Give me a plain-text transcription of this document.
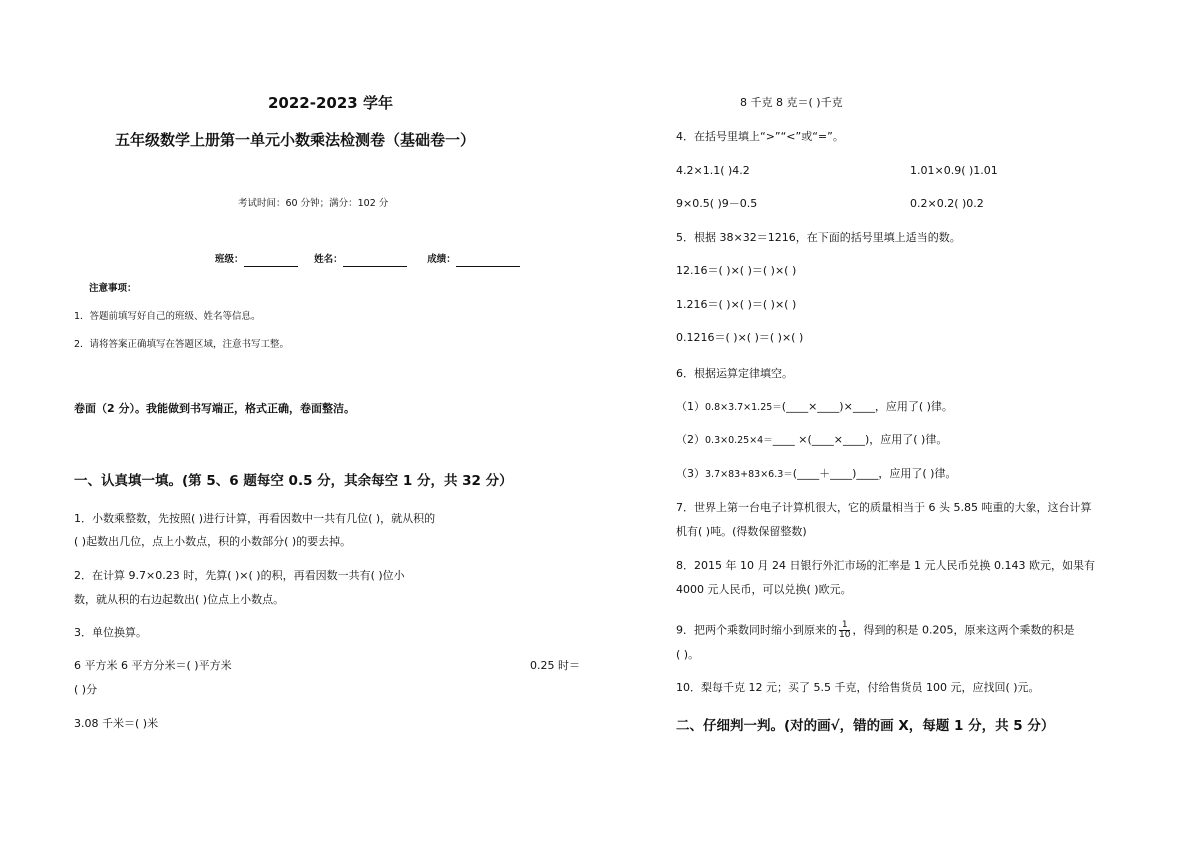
2022-2023 学年
五年级数学上册第一单元小数乘法检测卷（基础卷一）
考试时间：60 分钟；满分：102 分
班级：	姓名：	成绩：
注意事项：
1．答题前填写好自己的班级、姓名等信息。
2．请将答案正确填写在答题区域，注意书写工整。
卷面（2 分）。我能做到书写端正，格式正确，卷面整洁。
一、认真填一填。(第 5、6 题每空 0.5 分，其余每空 1 分，共 32 分）
1．小数乘整数，先按照( )进行计算，再看因数中一共有几位( )，就从积的
( )起数出几位，点上小数点，积的小数部分( )的要去掉。
2．在计算 9.7×0.23 时，先算( )×( )的积，再看因数一共有( )位小
数，就从积的右边起数出( )位点上小数点。
3．单位换算。
6 平方米 6 平方分米＝( )平方米	0.25 时＝
( )分
3.08 千米＝( )米
8 千克 8 克＝( )千克
4．在括号里填上“>”“<”或“=”。
4.2×1.1( )4.2	1.01×0.9( )1.01
9×0.5( )9－0.5	0.2×0.2( )0.2
5．根据 38×32＝1216，在下面的括号里填上适当的数。
12.16＝( )×( )＝( )×( )
1.216＝( )×( )＝( )×( )
0.1216＝( )×( )＝( )×( )
6．根据运算定律填空。
（1）0.8×3.7×1.25＝(____×____)×____，应用了( )律。
（2）0.3×0.25×4＝____ ×(____×____)，应用了( )律。
（3）3.7×83+83×6.3＝(____＋____)____，应用了( )律。
7．世界上第一台电子计算机很大，它的质量相当于 6 头 5.85 吨重的大象，这台计算
机有( )吨。(得数保留整数)
8．2015 年 10 月 24 日银行外汇市场的汇率是 1 元人民币兑换 0.143 欧元，如果有
4000 元人民币，可以兑换( )欧元。
9．把两个乘数同时缩小到原来的 $\frac{1}{10}$ ，得到的积是 0.205，原来这两个乘数的积是
( )。
10．梨每千克 12 元；买了 5.5 千克，付给售货员 100 元，应找回( )元。
二、仔细判一判。(对的画√，错的画 X，每题 1 分，共 5 分）
